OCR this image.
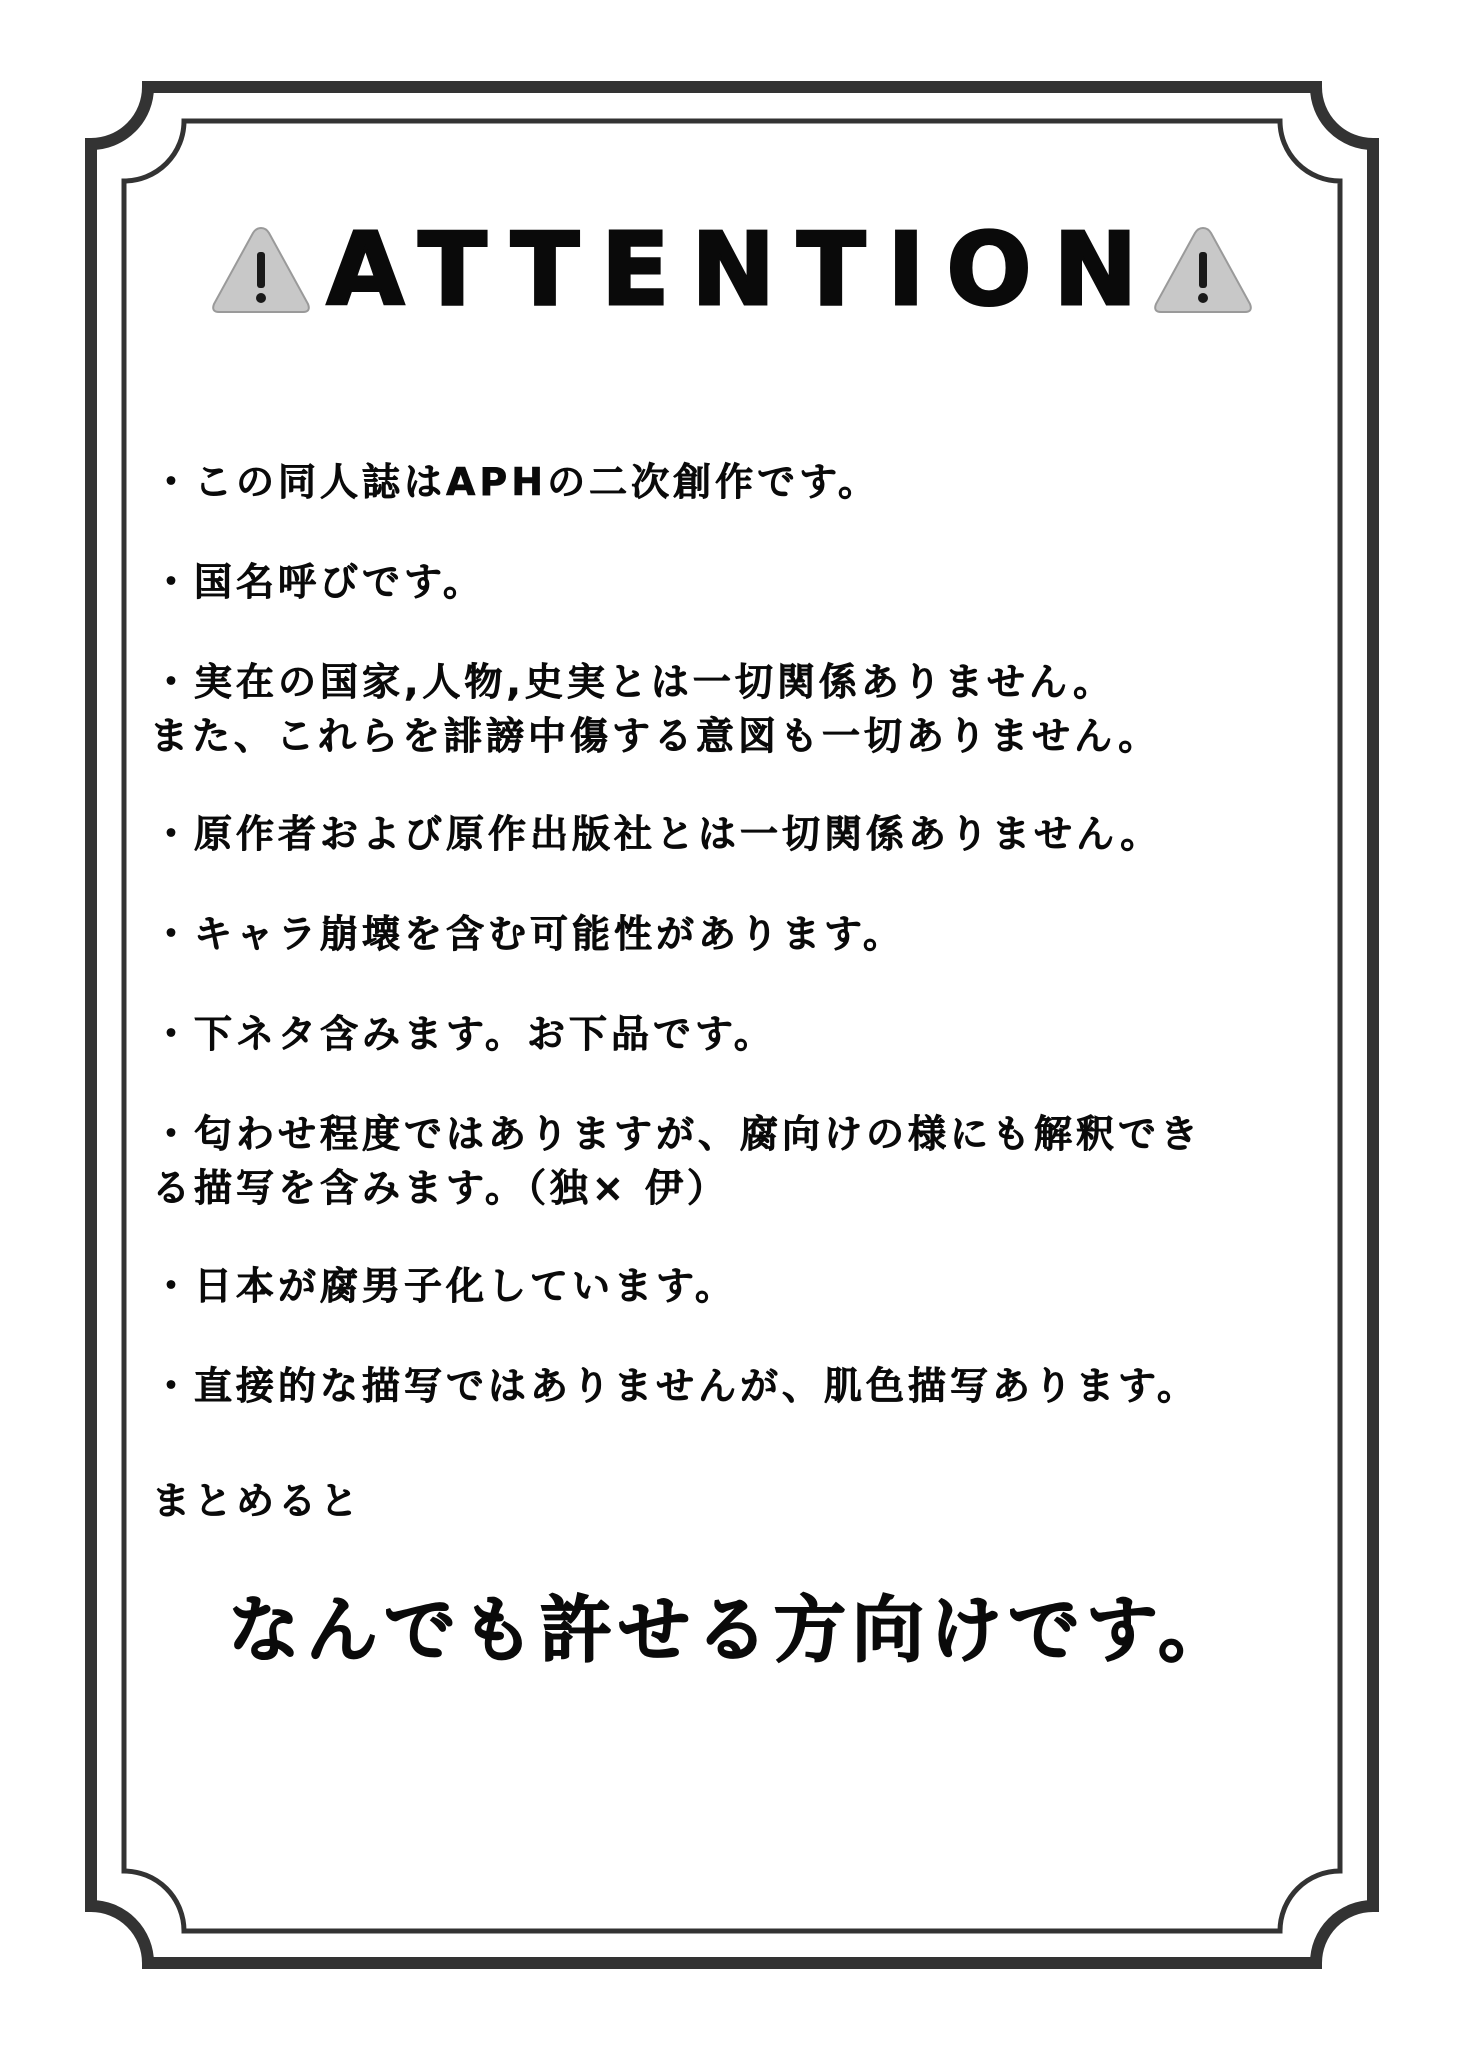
ATTENTION
・この同人誌はAPHの二次創作です。
・国名呼びです。
・実在の国家,人物,史実とは一切関係ありません。
また、これらを誹謗中傷する意図も一切ありません。
・原作者および原作出版社とは一切関係ありません。
・キャラ崩壊を含む可能性があります。
・下ネタ含みます。お下品です。
・匂わせ程度ではありますが、腐向けの様にも解釈でき
る描写を含みます。（独× 伊）
・日本が腐男子化しています。
・直接的な描写ではありませんが、肌色描写あります。
まとめると
なんでも許せる方向けです。
